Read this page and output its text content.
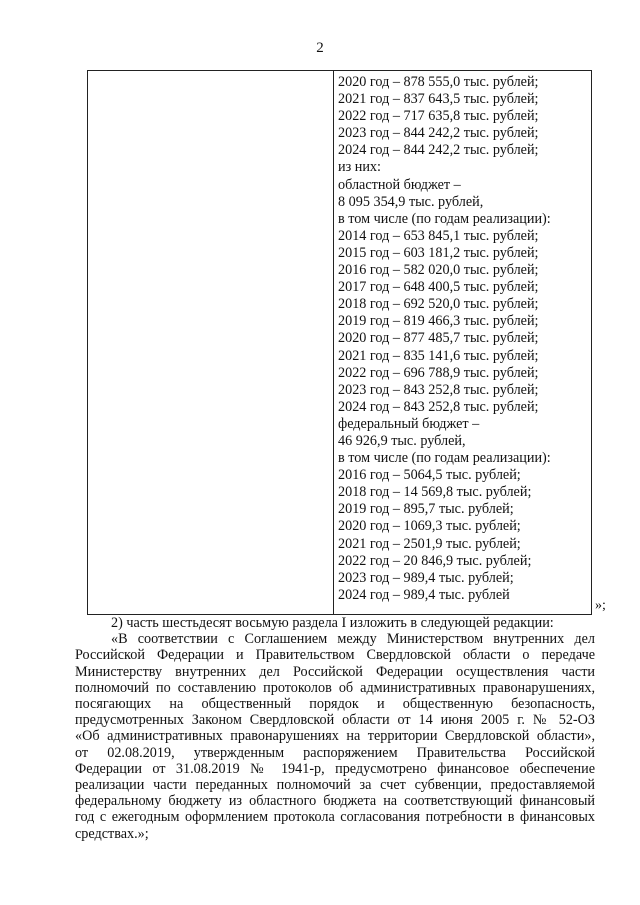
2
2020 год – 878 555,0 тыс. рублей;
2021 год – 837 643,5 тыс. рублей;
2022 год – 717 635,8 тыс. рублей;
2023 год – 844 242,2 тыс. рублей;
2024 год – 844 242,2 тыс. рублей;
из них:
областной бюджет –
8 095 354,9 тыс. рублей,
в том числе (по годам реализации):
2014 год – 653 845,1 тыс. рублей;
2015 год – 603 181,2 тыс. рублей;
2016 год – 582 020,0 тыс. рублей;
2017 год – 648 400,5 тыс. рублей;
2018 год – 692 520,0 тыс. рублей;
2019 год – 819 466,3 тыс. рублей;
2020 год – 877 485,7 тыс. рублей;
2021 год – 835 141,6 тыс. рублей;
2022 год – 696 788,9 тыс. рублей;
2023 год – 843 252,8 тыс. рублей;
2024 год – 843 252,8 тыс. рублей;
федеральный бюджет –
46 926,9 тыс. рублей,
в том числе (по годам реализации):
2016 год – 5064,5 тыс. рублей;
2018 год – 14 569,8 тыс. рублей;
2019 год – 895,7 тыс. рублей;
2020 год – 1069,3 тыс. рублей;
2021 год – 2501,9 тыс. рублей;
2022 год – 20 846,9 тыс. рублей;
2023 год – 989,4 тыс. рублей;
2024 год – 989,4 тыс. рублей
»;

2) часть шестьдесят восьмую раздела I изложить в следующей редакции:

«В соответствии с Соглашением между Министерством внутренних дел
Российской Федерации и Правительством Свердловской области о передаче
Министерству внутренних дел Российской Федерации осуществления части
полномочий по составлению протоколов об административных правонарушениях,
посягающих на общественный порядок и общественную безопасность,
предусмотренных Законом Свердловской области от 14 июня 2005 г. № 52-ОЗ
«Об административных правонарушениях на территории Свердловской области»,
от 02.08.2019, утвержденным распоряжением Правительства Российской
Федерации от 31.08.2019 № 1941-р, предусмотрено финансовое обеспечение
реализации части переданных полномочий за счет субвенции, предоставляемой
федеральному бюджету из областного бюджета на соответствующий финансовый
год с ежегодным оформлением протокола согласования потребности в финансовых
средствах.»;
